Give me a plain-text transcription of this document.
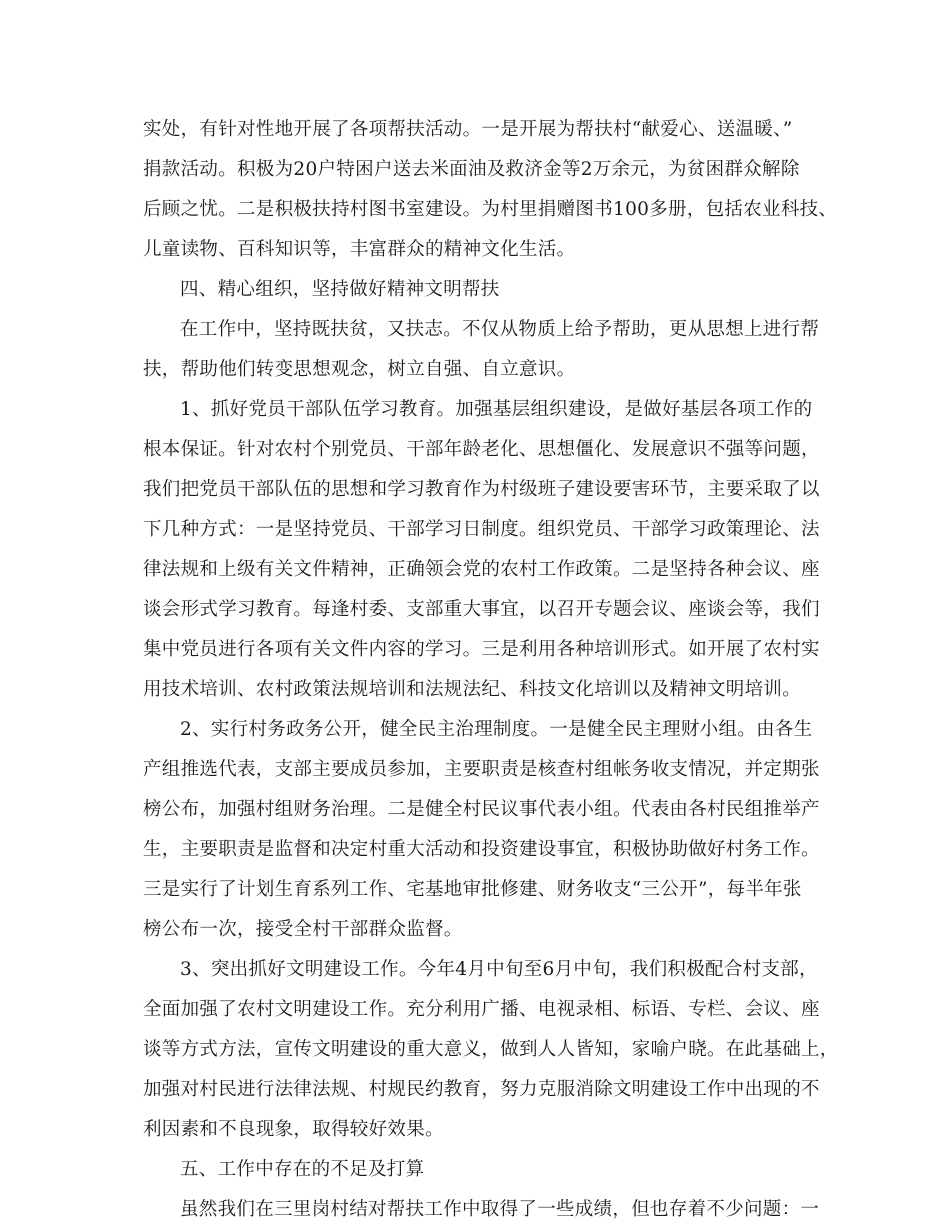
实处，有针对性地开展了各项帮扶活动。一是开展为帮扶村“献爱心、送温暖、”
捐款活动。积极为20户特困户送去米面油及救济金等2万余元，为贫困群众解除
后顾之忧。二是积极扶持村图书室建设。为村里捐赠图书100多册，包括农业科技、
儿童读物、百科知识等，丰富群众的精神文化生活。
四、精心组织，坚持做好精神文明帮扶
在工作中，坚持既扶贫，又扶志。不仅从物质上给予帮助，更从思想上进行帮
扶，帮助他们转变思想观念，树立自强、自立意识。
1、抓好党员干部队伍学习教育。加强基层组织建设，是做好基层各项工作的
根本保证。针对农村个别党员、干部年龄老化、思想僵化、发展意识不强等问题，
我们把党员干部队伍的思想和学习教育作为村级班子建设要害环节，主要采取了以
下几种方式：一是坚持党员、干部学习日制度。组织党员、干部学习政策理论、法
律法规和上级有关文件精神，正确领会党的农村工作政策。二是坚持各种会议、座
谈会形式学习教育。每逢村委、支部重大事宜，以召开专题会议、座谈会等，我们
集中党员进行各项有关文件内容的学习。三是利用各种培训形式。如开展了农村实
用技术培训、农村政策法规培训和法规法纪、科技文化培训以及精神文明培训。
2、实行村务政务公开，健全民主治理制度。一是健全民主理财小组。由各生
产组推选代表，支部主要成员参加，主要职责是核查村组帐务收支情况，并定期张
榜公布，加强村组财务治理。二是健全村民议事代表小组。代表由各村民组推举产
生，主要职责是监督和决定村重大活动和投资建设事宜，积极协助做好村务工作。
三是实行了计划生育系列工作、宅基地审批修建、财务收支“三公开”，每半年张
榜公布一次，接受全村干部群众监督。
3、突出抓好文明建设工作。今年4月中旬至6月中旬，我们积极配合村支部，
全面加强了农村文明建设工作。充分利用广播、电视录相、标语、专栏、会议、座
谈等方式方法，宣传文明建设的重大意义，做到人人皆知，家喻户晓。在此基础上，
加强对村民进行法律法规、村规民约教育，努力克服消除文明建设工作中出现的不
利因素和不良现象，取得较好效果。
五、工作中存在的不足及打算
虽然我们在三里岗村结对帮扶工作中取得了一些成绩，但也存着不少问题：一
